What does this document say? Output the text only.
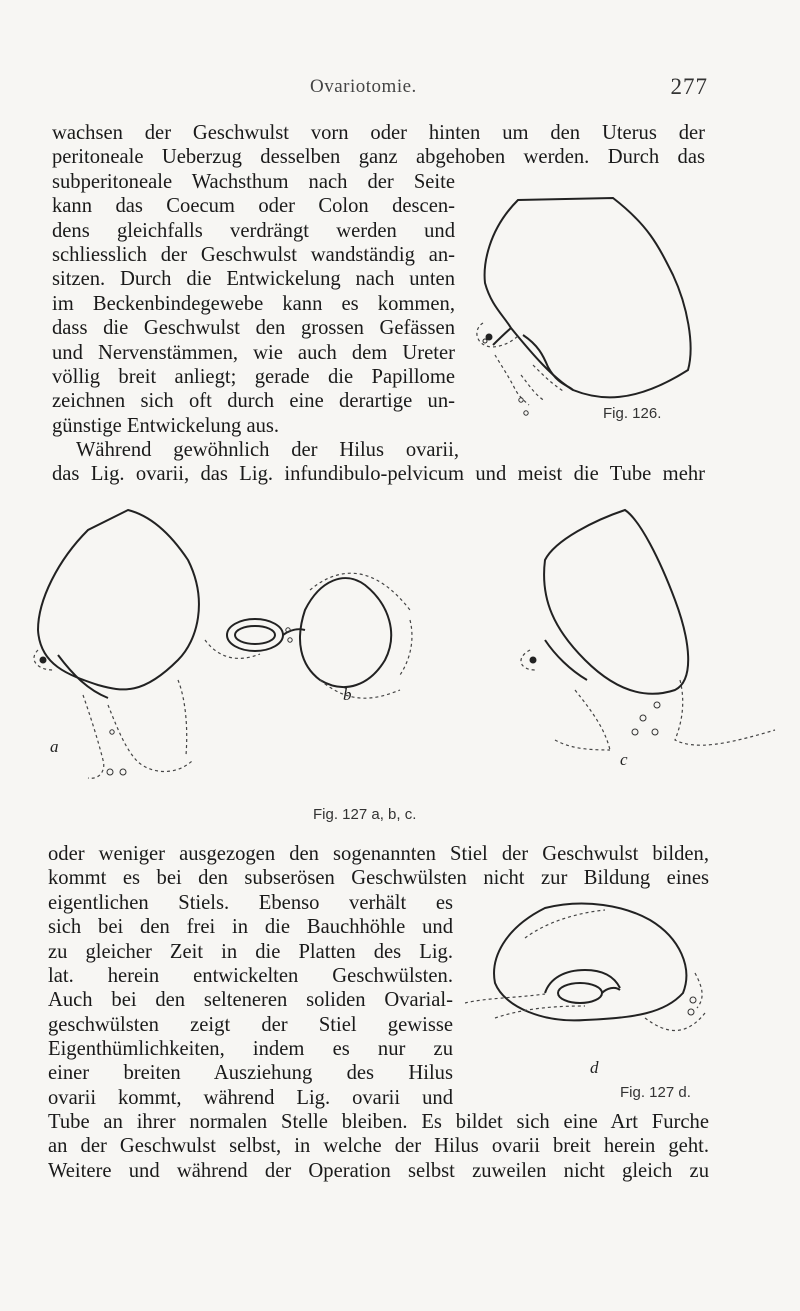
Ovariotomie.	277
wachsen der Geschwulst vorn oder hinten um den Uterus der
peritoneale Ueberzug desselben ganz abgehoben werden. Durch das
subperitoneale Wachsthum nach der Seite
kann das Coecum oder Colon descen-
dens gleichfalls verdrängt werden und
schliesslich der Geschwulst wandständig an-
sitzen. Durch die Entwickelung nach unten
im Beckenbindegewebe kann es kommen,
dass die Geschwulst den grossen Gefässen
und Nervenstämmen, wie auch dem Ureter
völlig breit anliegt; gerade die Papillome
zeichnen sich oft durch eine derartige un-
günstige Entwickelung aus.
Während gewöhnlich der Hilus ovarii,
das Lig. ovarii, das Lig. infundibulo-pelvicum und meist die Tube mehr
Fig. 126.
a
b
c
Fig. 127 a, b, c.
oder weniger ausgezogen den sogenannten Stiel der Geschwulst bilden,
kommt es bei den subserösen Geschwülsten nicht zur Bildung eines
eigentlichen Stiels. Ebenso verhält es
sich bei den frei in die Bauchhöhle und
zu gleicher Zeit in die Platten des Lig.
lat. herein entwickelten Geschwülsten.
Auch bei den selteneren soliden Ovarial-
geschwülsten zeigt der Stiel gewisse
Eigenthümlichkeiten, indem es nur zu
einer breiten Ausziehung des Hilus
ovarii kommt, während Lig. ovarii und
Tube an ihrer normalen Stelle bleiben. Es bildet sich eine Art Furche
an der Geschwulst selbst, in welche der Hilus ovarii breit herein geht.
Weitere und während der Operation selbst zuweilen nicht gleich zu
d
Fig. 127 d.
